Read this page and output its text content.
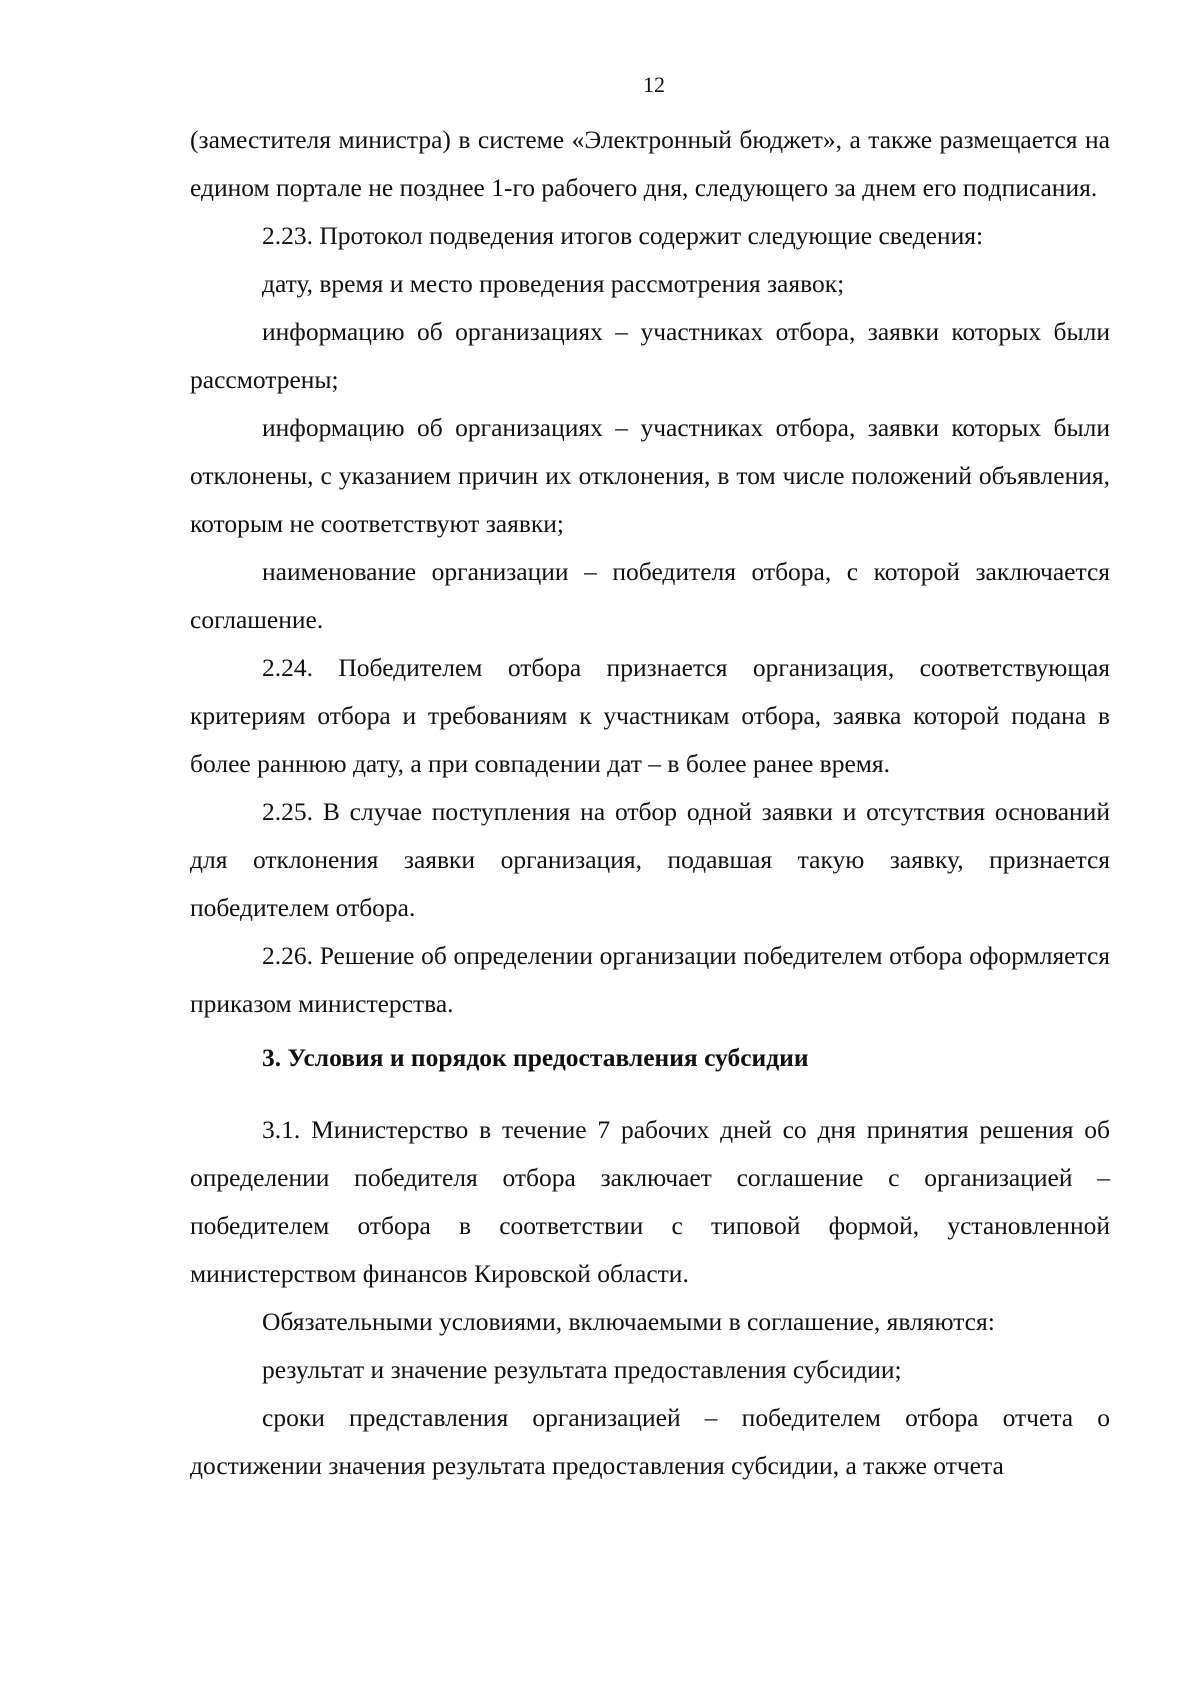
12

(заместителя министра) в системе «Электронный бюджет», а также размещается на едином портале не позднее 1-го рабочего дня, следующего за днем его подписания.

2.23. Протокол подведения итогов содержит следующие сведения:

дату, время и место проведения рассмотрения заявок;

информацию об организациях – участниках отбора, заявки которых были рассмотрены;

информацию об организациях – участниках отбора, заявки которых были отклонены, с указанием причин их отклонения, в том числе положений объявления, которым не соответствуют заявки;

наименование организации – победителя отбора, с которой заключается соглашение.

2.24. Победителем отбора признается организация, соответствующая критериям отбора и требованиям к участникам отбора, заявка которой подана в более раннюю дату, а при совпадении дат – в более ранее время.

2.25. В случае поступления на отбор одной заявки и отсутствия оснований для отклонения заявки организация, подавшая такую заявку, признается победителем отбора.

2.26. Решение об определении организации победителем отбора оформляется приказом министерства.

3. Условия и порядок предоставления субсидии

3.1. Министерство в течение 7 рабочих дней со дня принятия решения об определении победителя отбора заключает соглашение с организацией – победителем отбора в соответствии с типовой формой, установленной министерством финансов Кировской области.

Обязательными условиями, включаемыми в соглашение, являются:

результат и значение результата предоставления субсидии;

сроки представления организацией – победителем отбора отчета о достижении значения результата предоставления субсидии, а также отчета
